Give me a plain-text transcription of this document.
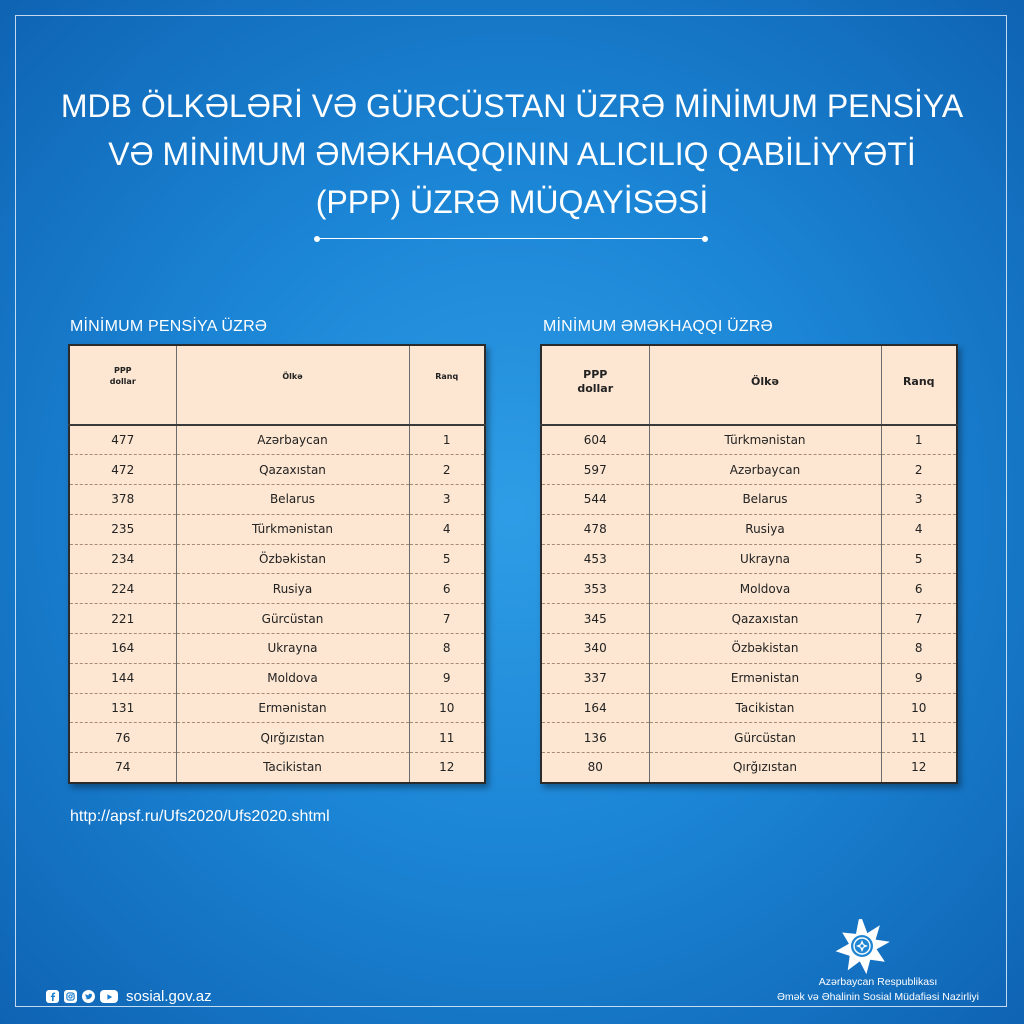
MDB ÖLKƏLƏRİ VƏ GÜRCÜSTAN ÜZRƏ MİNİMUM PENSİYA
VƏ MİNİMUM ƏMƏKHAQQININ ALICILIQ QABİLİYYƏTİ
(PPP) ÜZRƏ MÜQAYİSƏSİ
MİNİMUM PENSİYA ÜZRƏ	MİNİMUM ƏMƏKHAQQI ÜZRƏ
PPP
dollar	Ölkə	Ranq
477	Azərbaycan	1
472	Qazaxıstan	2
378	Belarus	3
235	Türkmənistan	4
234	Özbəkistan	5
224	Rusiya	6
221	Gürcüstan	7
164	Ukrayna	8
144	Moldova	9
131	Ermənistan	10
76	Qırğızıstan	11
74	Tacikistan	12
PPP
dollar	Ölkə	Ranq
604	Türkmənistan	1
597	Azərbaycan	2
544	Belarus	3
478	Rusiya	4
453	Ukrayna	5
353	Moldova	6
345	Qazaxıstan	7
340	Özbəkistan	8
337	Ermənistan	9
164	Tacikistan	10
136	Gürcüstan	11
80	Qırğızıstan	12
http://apsf.ru/Ufs2020/Ufs2020.shtml
sosial.gov.az
Azərbaycan Respublikası
Əmək və Əhalinin Sosial Müdafiəsi Nazirliyi
